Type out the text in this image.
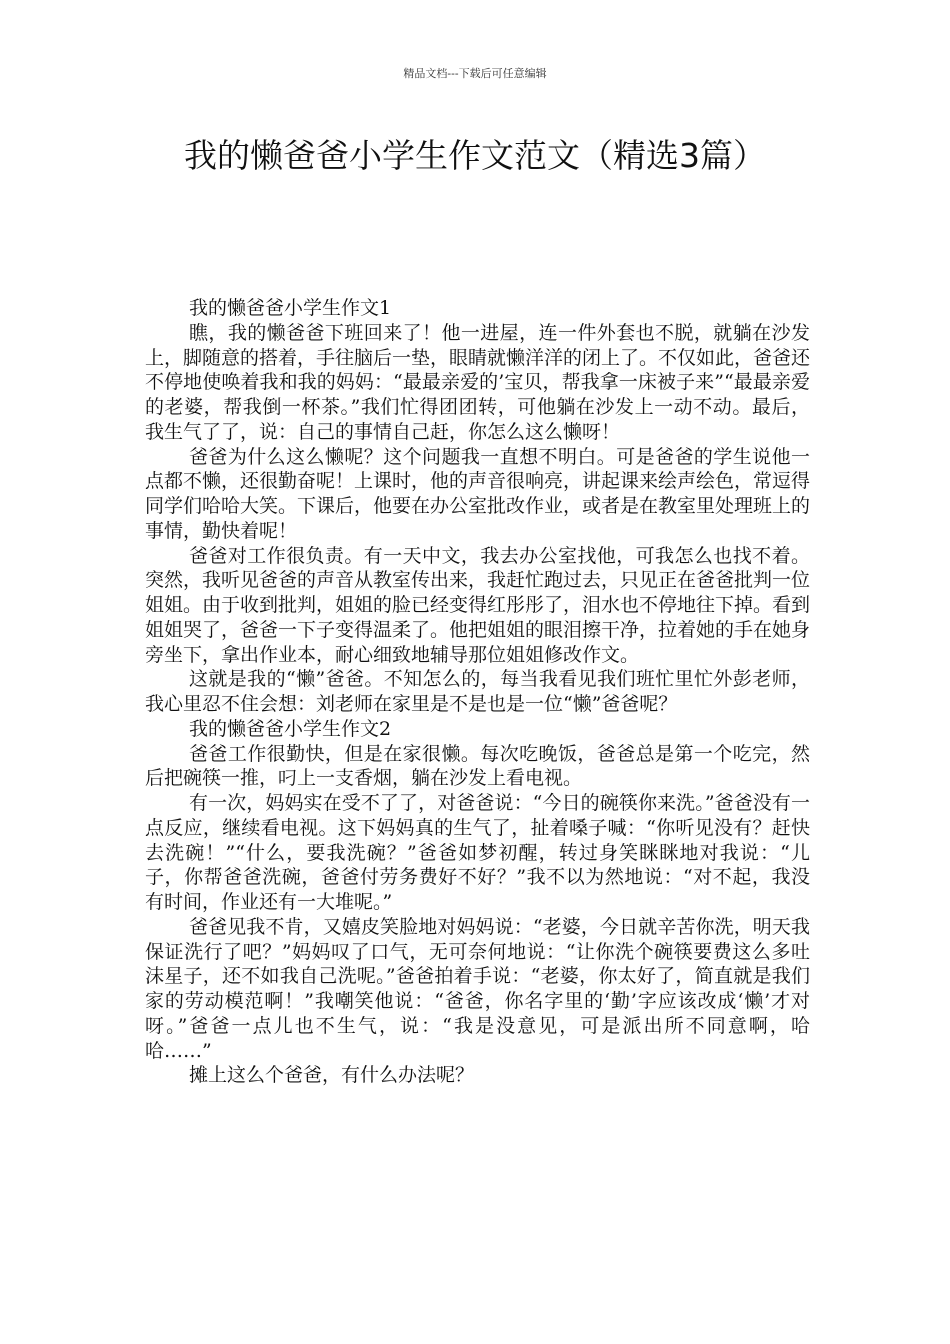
精品文档---下载后可任意编辑
我的懒爸爸小学生作文范文（精选3篇）

我的懒爸爸小学生作文1

瞧，我的懒爸爸下班回来了！他一进屋，连一件外套也不脱，就躺在沙发上，脚随意的搭着，手往脑后一垫，眼睛就懒洋洋的闭上了。不仅如此，爸爸还不停地使唤着我和我的妈妈：“最最亲爱的’宝贝，帮我拿一床被子来”“最最亲爱的老婆，帮我倒一杯茶。”我们忙得团团转，可他躺在沙发上一动不动。最后，我生气了了，说：自己的事情自己赶，你怎么这么懒呀！

爸爸为什么这么懒呢？这个问题我一直想不明白。可是爸爸的学生说他一点都不懒，还很勤奋呢！上课时，他的声音很响亮，讲起课来绘声绘色，常逗得同学们哈哈大笑。下课后，他要在办公室批改作业，或者是在教室里处理班上的事情，勤快着呢！

爸爸对工作很负责。有一天中文，我去办公室找他，可我怎么也找不着。突然，我听见爸爸的声音从教室传出来，我赶忙跑过去，只见正在爸爸批判一位姐姐。由于收到批判，姐姐的脸已经变得红彤彤了，泪水也不停地往下掉。看到姐姐哭了，爸爸一下子变得温柔了。他把姐姐的眼泪擦干净，拉着她的手在她身旁坐下，拿出作业本，耐心细致地辅导那位姐姐修改作文。

这就是我的“懒”爸爸。不知怎么的，每当我看见我们班忙里忙外彭老师，我心里忍不住会想：刘老师在家里是不是也是一位“懒”爸爸呢？

我的懒爸爸小学生作文2

爸爸工作很勤快，但是在家很懒。每次吃晚饭，爸爸总是第一个吃完，然后把碗筷一推，叼上一支香烟，躺在沙发上看电视。

有一次，妈妈实在受不了了，对爸爸说：“今日的碗筷你来洗。”爸爸没有一点反应，继续看电视。这下妈妈真的生气了，扯着嗓子喊：“你听见没有？赶快去洗碗！”“什么，要我洗碗？”爸爸如梦初醒，转过身笑眯眯地对我说：“儿子，你帮爸爸洗碗，爸爸付劳务费好不好？”我不以为然地说：“对不起，我没有时间，作业还有一大堆呢。”

爸爸见我不肯，又嬉皮笑脸地对妈妈说：“老婆，今日就辛苦你洗，明天我保证洗行了吧？”妈妈叹了口气，无可奈何地说：“让你洗个碗筷要费这么多吐沫星子，还不如我自己洗呢。”爸爸拍着手说：“老婆，你太好了，简直就是我们家的劳动模范啊！”我嘲笑他说：“爸爸，你名字里的‘勤’字应该改成‘懒’才对呀。”爸爸一点儿也不生气，说：“我是没意见，可是派出所不同意啊，哈哈……”

摊上这么个爸爸，有什么办法呢？
